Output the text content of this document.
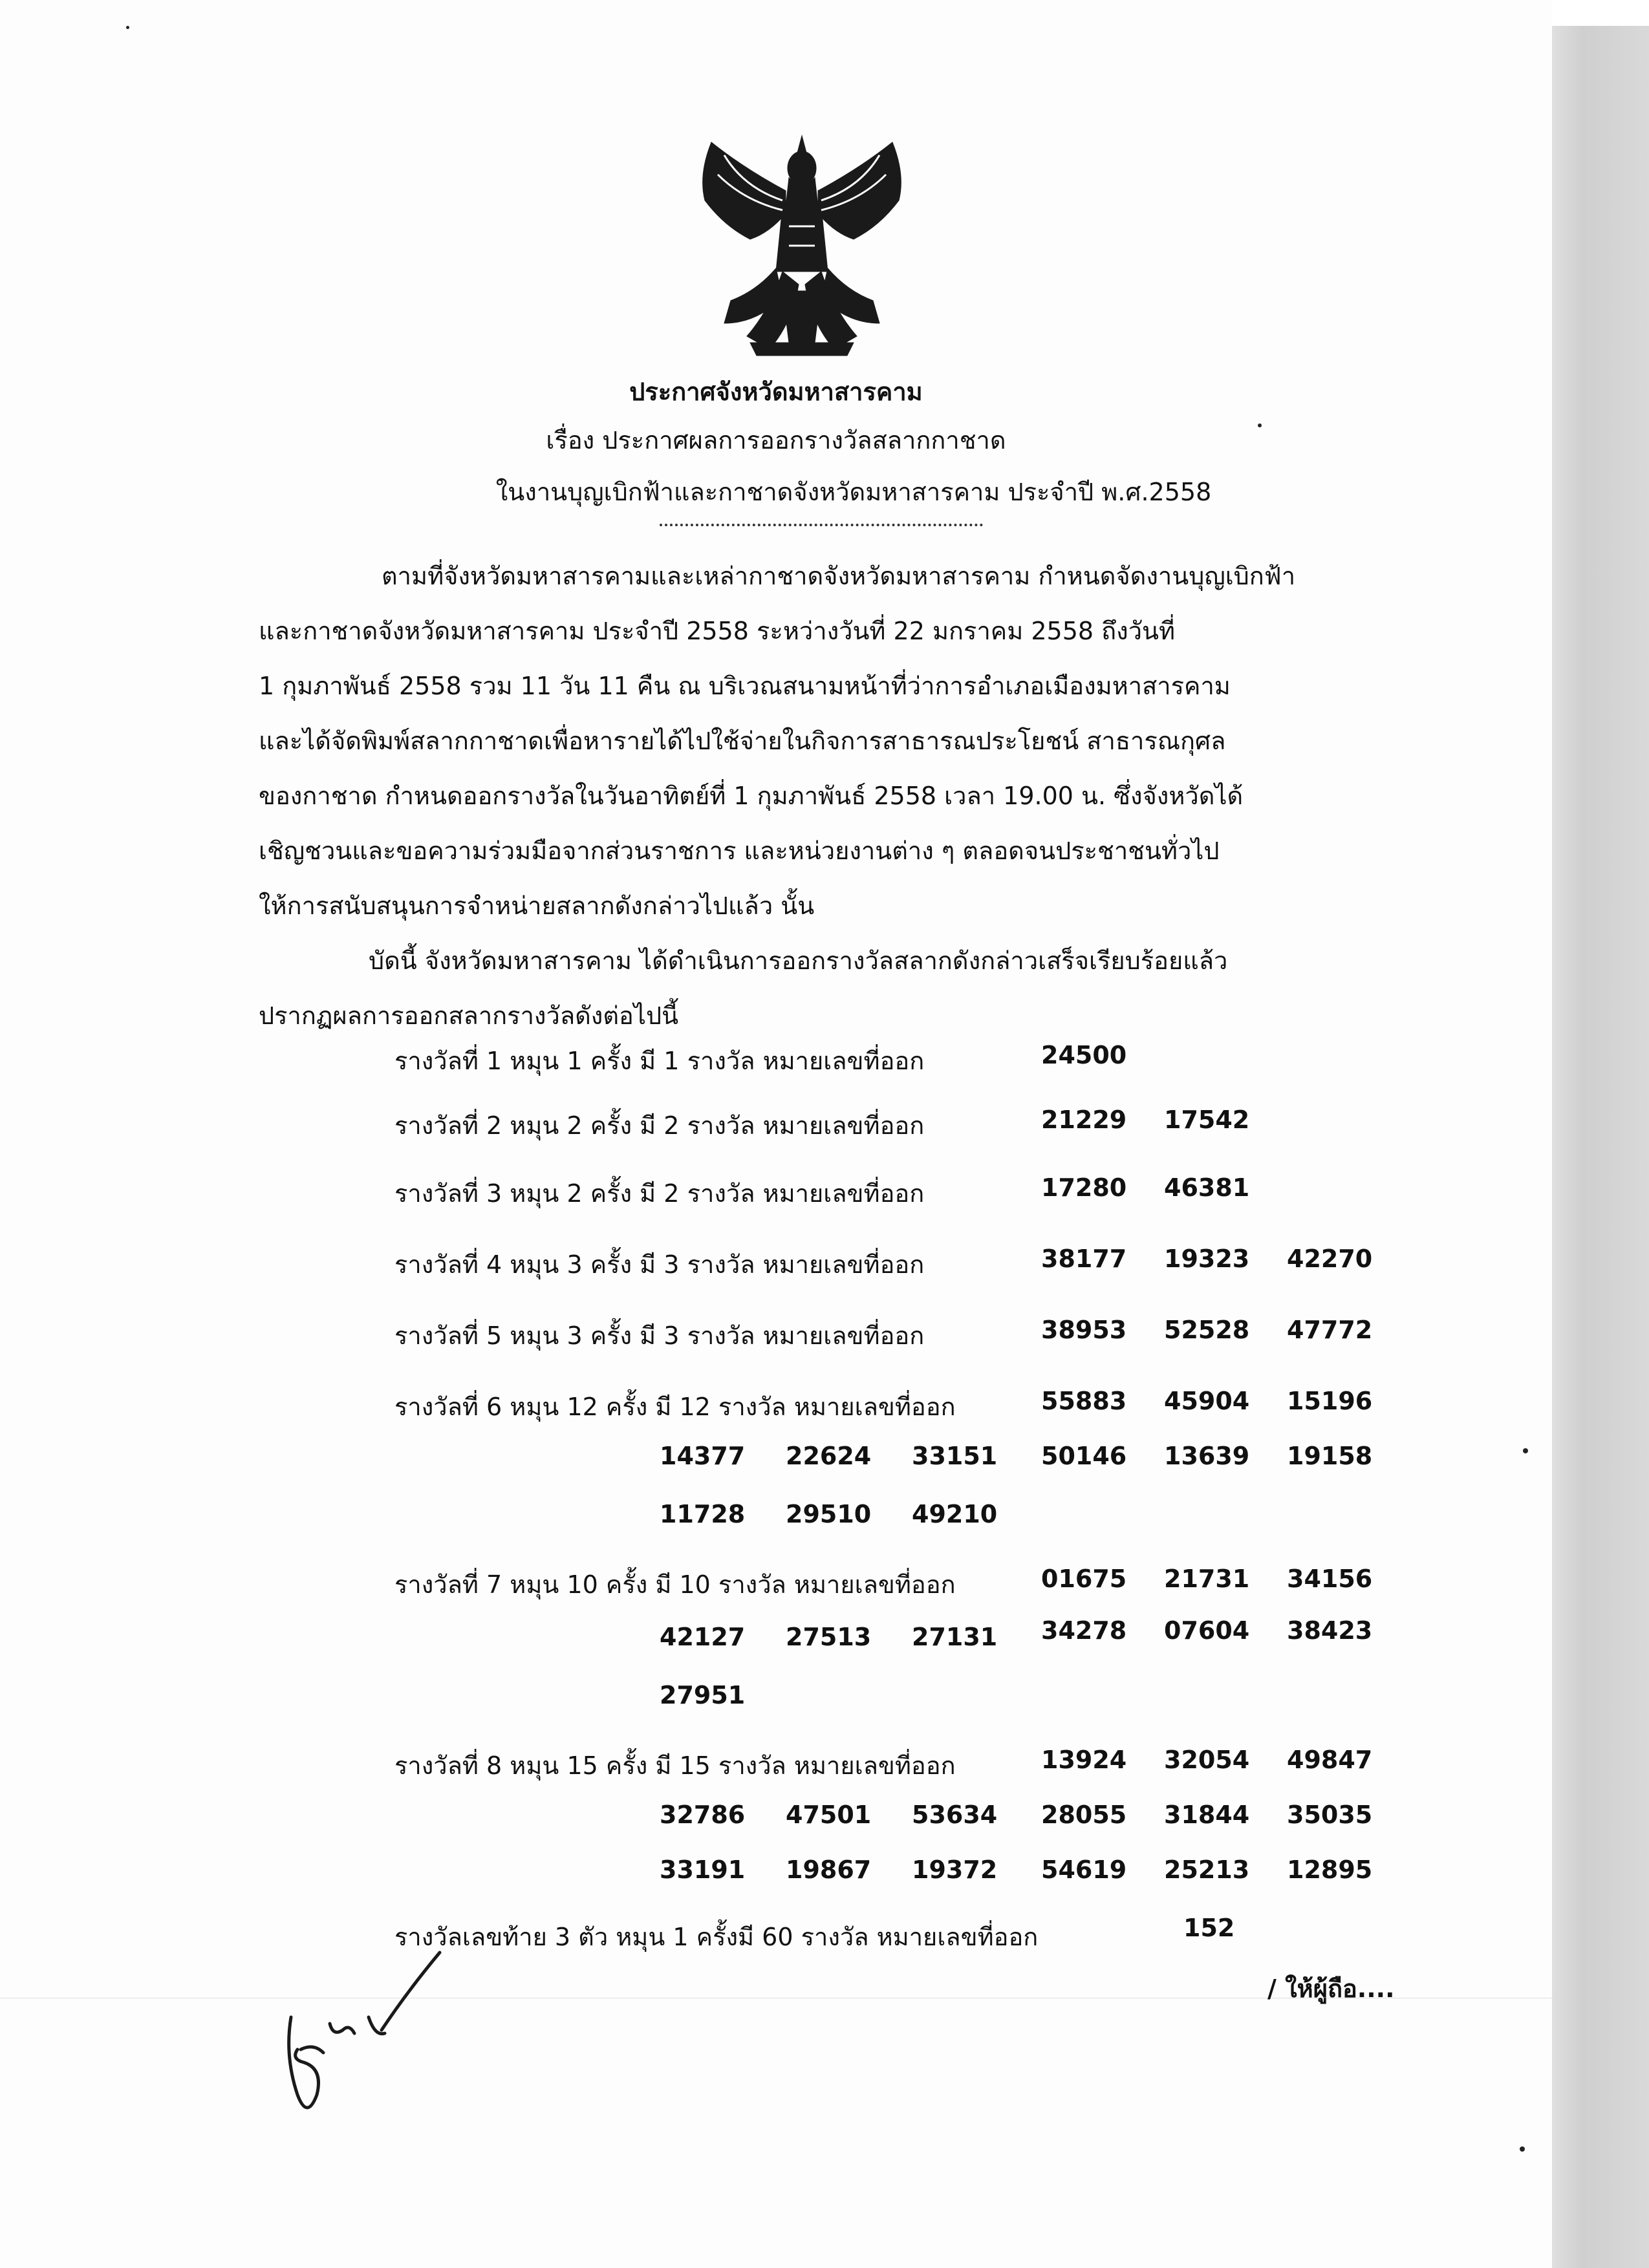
ประกาศจังหวัดมหาสารคาม
เรื่อง ประกาศผลการออกรางวัลสลากกาชาด
ในงานบุญเบิกฟ้าและกาชาดจังหวัดมหาสารคาม ประจำปี พ.ศ.2558
ตามที่จังหวัดมหาสารคามและเหล่ากาชาดจังหวัดมหาสารคาม กำหนดจัดงานบุญเบิกฟ้า
และกาชาดจังหวัดมหาสารคาม ประจำปี 2558 ระหว่างวันที่ 22 มกราคม 2558 ถึงวันที่
1 กุมภาพันธ์ 2558 รวม 11 วัน 11 คืน ณ บริเวณสนามหน้าที่ว่าการอำเภอเมืองมหาสารคาม
และได้จัดพิมพ์สลากกาชาดเพื่อหารายได้ไปใช้จ่ายในกิจการสาธารณประโยชน์ สาธารณกุศล
ของกาชาด กำหนดออกรางวัลในวันอาทิตย์ที่ 1 กุมภาพันธ์ 2558 เวลา 19.00 น. ซึ่งจังหวัดได้
เชิญชวนและขอความร่วมมือจากส่วนราชการ และหน่วยงานต่าง ๆ ตลอดจนประชาชนทั่วไป
ให้การสนับสนุนการจำหน่ายสลากดังกล่าวไปแล้ว นั้น
บัดนี้ จังหวัดมหาสารคาม ได้ดำเนินการออกรางวัลสลากดังกล่าวเสร็จเรียบร้อยแล้ว
ปรากฏผลการออกสลากรางวัลดังต่อไปนี้
รางวัลที่ 1 หมุน 1 ครั้ง มี 1 รางวัล หมายเลขที่ออก	24500
รางวัลที่ 2 หมุน 2 ครั้ง มี 2 รางวัล หมายเลขที่ออก	21229 17542
รางวัลที่ 3 หมุน 2 ครั้ง มี 2 รางวัล หมายเลขที่ออก	17280 46381
รางวัลที่ 4 หมุน 3 ครั้ง มี 3 รางวัล หมายเลขที่ออก	38177 19323 42270
รางวัลที่ 5 หมุน 3 ครั้ง มี 3 รางวัล หมายเลขที่ออก	38953 52528 47772
รางวัลที่ 6 หมุน 12 ครั้ง มี 12 รางวัล หมายเลขที่ออก	55883 45904 15196
14377 22624 33151 50146 13639 19158
11728 29510 49210
รางวัลที่ 7 หมุน 10 ครั้ง มี 10 รางวัล หมายเลขที่ออก	01675 21731 34156
42127 27513 27131 34278 07604 38423
27951
รางวัลที่ 8 หมุน 15 ครั้ง มี 15 รางวัล หมายเลขที่ออก	13924 32054 49847
32786 47501 53634 28055 31844 35035
33191 19867 19372 54619 25213 12895
รางวัลเลขท้าย 3 ตัว หมุน 1 ครั้งมี 60 รางวัล หมายเลขที่ออก	152
/ ให้ผู้ถือ....
